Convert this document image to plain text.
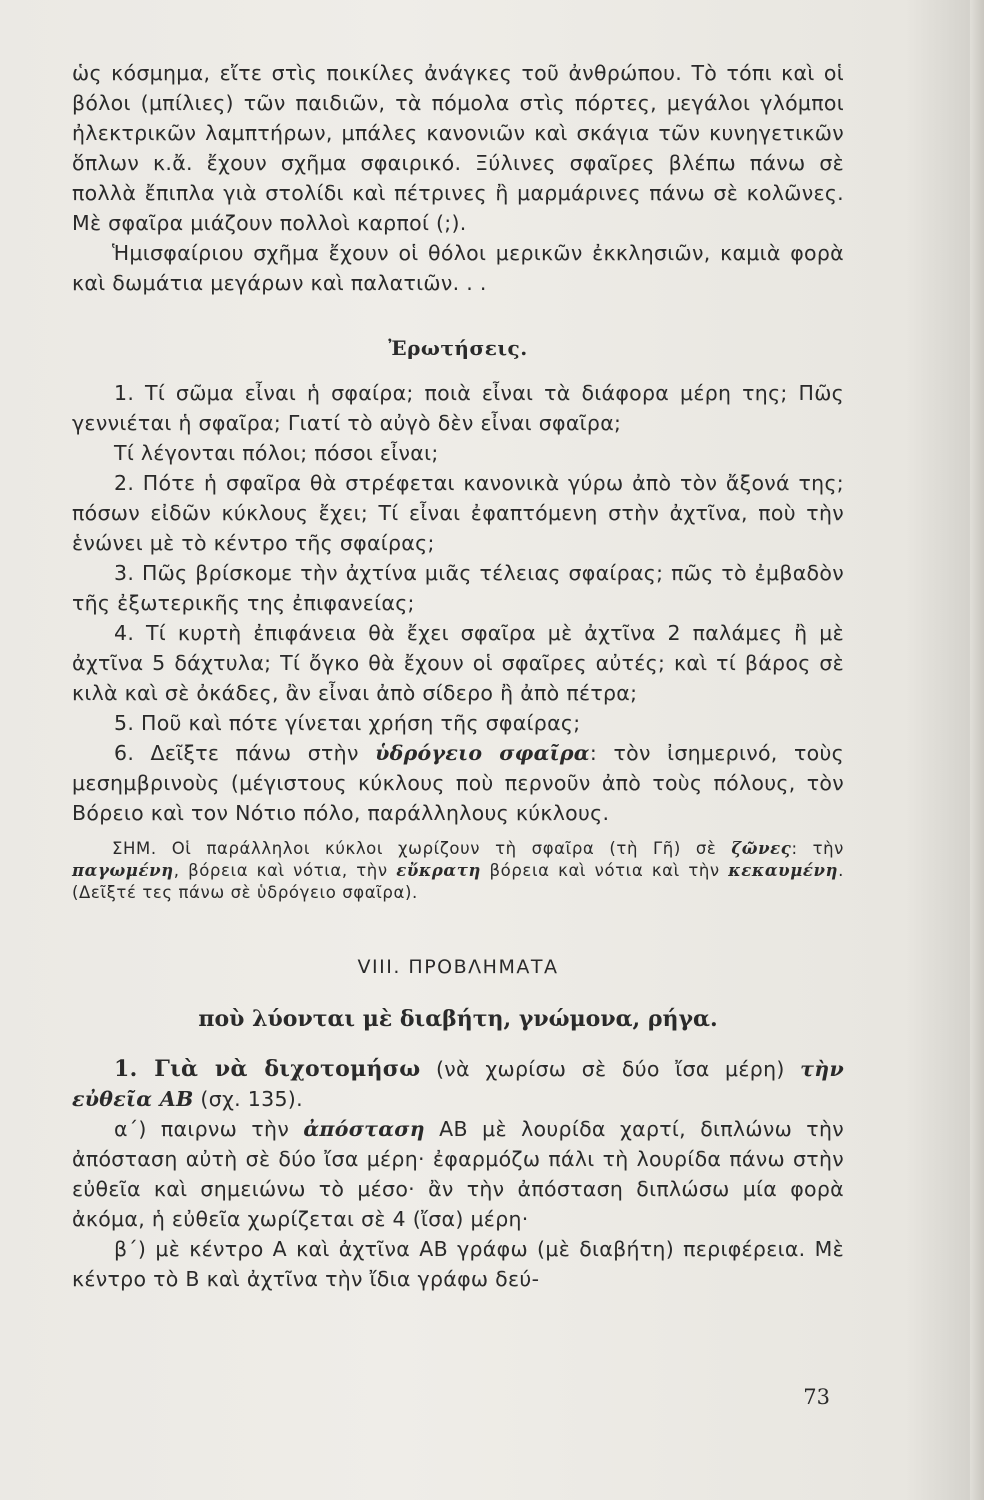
ὡς κόσμημα, εἴτε στὶς ποικίλες ἀνάγκες τοῦ ἀνθρώπου. Τὸ τόπι καὶ οἱ βόλοι (μπίλιες) τῶν παιδιῶν, τὰ πόμολα στὶς πόρτες, μεγάλοι γλόμποι ἠλεκτρικῶν λαμπτήρων, μπάλες κανονιῶν καὶ σκάγια τῶν κυνηγετικῶν ὅπλων κ.ἄ. ἔχουν σχῆμα σφαιρικό. Ξύλινες σφαῖρες βλέπω πάνω σὲ πολλὰ ἔπιπλα γιὰ στολίδι καὶ πέτρινες ἢ μαρμάρινες πάνω σὲ κολῶνες. Μὲ σφαῖρα μιάζουν πολλοὶ καρποί (;).

Ἡμισφαίριου σχῆμα ἔχουν οἱ θόλοι μερικῶν ἐκκλησιῶν, καμιὰ φορὰ καὶ δωμάτια μεγάρων καὶ παλατιῶν. . .

Ἐρωτήσεις.

1. Τί σῶμα εἶναι ἡ σφαίρα; ποιὰ εἶναι τὰ διάφορα μέρη της; Πῶς γεννιέται ἡ σφαῖρα; Γιατί τὸ αὐγὸ δὲν εἶναι σφαῖρα;

Τί λέγονται πόλοι; πόσοι εἶναι;

2. Πότε ἡ σφαῖρα θὰ στρέφεται κανονικὰ γύρω ἀπὸ τὸν ἄξονά της; πόσων εἰδῶν κύκλους ἔχει; Τί εἶναι ἐφαπτόμενη στὴν ἀχτῖνα, ποὺ τὴν ἑνώνει μὲ τὸ κέντρο τῆς σφαίρας;

3. Πῶς βρίσκομε τὴν ἀχτίνα μιᾶς τέλειας σφαίρας; πῶς τὸ ἐμβαδὸν τῆς ἐξωτερικῆς της ἐπιφανείας;

4. Τί κυρτὴ ἐπιφάνεια θὰ ἔχει σφαῖρα μὲ ἀχτῖνα 2 παλάμες ἢ μὲ ἀχτῖνα 5 δάχτυλα; Τί ὄγκο θὰ ἔχουν οἱ σφαῖρες αὐτές; καὶ τί βάρος σὲ κιλὰ καὶ σὲ ὀκάδες, ἂν εἶναι ἀπὸ σίδερο ἢ ἀπὸ πέτρα;

5. Ποῦ καὶ πότε γίνεται χρήση τῆς σφαίρας;

6. Δεῖξτε πάνω στὴν ὑδρόγειο σφαῖρα: τὸν ἰσημερινό, τοὺς μεσημβρινοὺς (μέγιστους κύκλους ποὺ περνοῦν ἀπὸ τοὺς πόλους, τὸν Βόρειο καὶ τον Νότιο πόλο, παράλληλους κύκλους.

ΣΗΜ. Οἱ παράλληλοι κύκλοι χωρίζουν τὴ σφαῖρα (τὴ Γῆ) σὲ ζῶνες: τὴν παγωμένη, βόρεια καὶ νότια, τὴν εὔκρατη βόρεια καὶ νότια καὶ τὴν κεκαυμένη. (Δεῖξτέ τες πάνω σὲ ὑδρόγειο σφαῖρα).

VIII. ΠΡΟΒΛΗΜΑΤΑ
ποὺ λύονται μὲ διαβήτη, γνώμονα, ρήγα.

1. Γιὰ νὰ διχοτομήσω (νὰ χωρίσω σὲ δύο ἴσα μέρη) τὴν εὐθεῖα ΑΒ (σχ. 135).

α΄) παιρνω τὴν ἀπόσταση ΑΒ μὲ λουρίδα χαρτί, διπλώνω τὴν ἀπόσταση αὐτὴ σὲ δύο ἴσα μέρη· ἐφαρμόζω πάλι τὴ λουρίδα πάνω στὴν εὐθεῖα καὶ σημειώνω τὸ μέσο· ἂν τὴν ἀπόσταση διπλώσω μία φορὰ ἀκόμα, ἡ εὐθεῖα χωρίζεται σὲ 4 (ἴσα) μέρη·

β΄) μὲ κέντρο Α καὶ ἀχτῖνα ΑΒ γράφω (μὲ διαβήτη) περιφέρεια. Μὲ κέντρο τὸ Β καὶ ἀχτῖνα τὴν ἴδια γράφω δεύ-

73
